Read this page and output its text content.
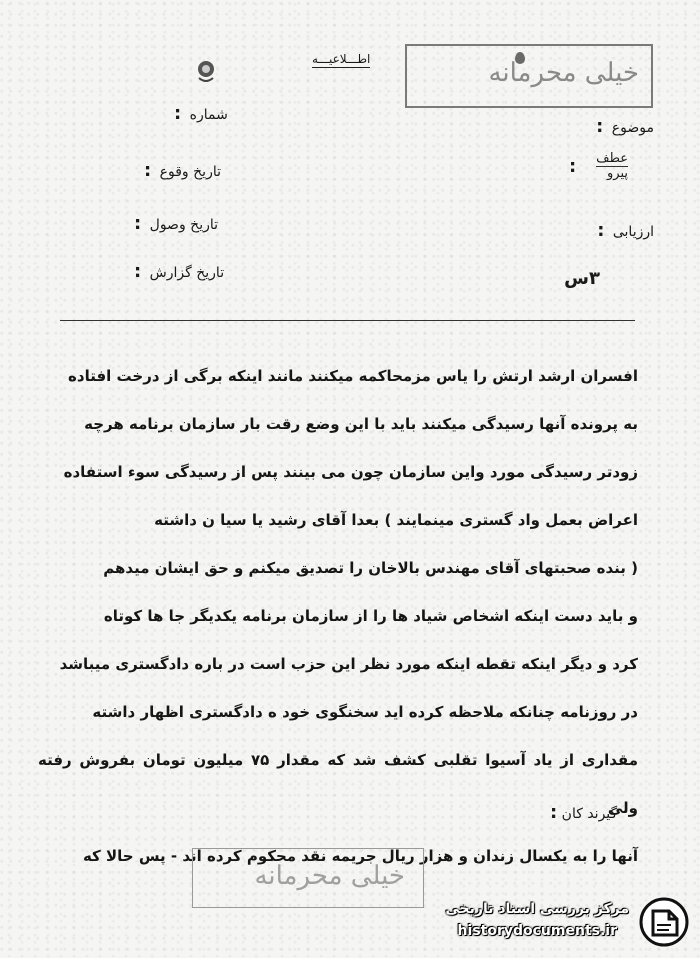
خیلی محرمانه
اطـــلاعیـــه
موضوع :
شماره :
عطف
پیرو
:
تاریخ وقوع :
ارزیابی :
تاریخ وصول :
۳س
تاریخ گزارش :

افسران ارشد ارتش را یاس مزمحاکمه میکنند مانند اینکه برگی از درخت افتاده

به پرونده آنها رسیدگی میکنند باید با این وضع رقت بار سازمان برنامه هرچه

زودتر رسیدگی مورد واین سازمان چون می بینند پس از رسیدگی سوء استفاده

اعراض بعمل واد گستری مینمایند ) بعدا آقای رشید یا سیا ن داشته

( بنده صحبتهای آقای مهندس بالاخان را تصدیق میکنم و حق ایشان میدهم

و باید دست اینکه اشخاص شیاد ها را از سازمان برنامه یکدیگر جا ها کوتاه

کرد و دیگر اینکه تقطه اینکه مورد نظر این حزب است در باره دادگستری میباشد

در روزنامه چنانکه ملاحظه کرده اید سخنگوی خود ه دادگستری اظهار داشته

مقداری از یاد آسیوا تقلبی کشف شد که مقدار ۷۵ میلیون تومان بفروش رفته ولی

آنها را به یکسال زندان و هزار ریال جریمه نقد محکوم کرده اند - پس حالا که

گیرند کان :
خیلی محرمانه
مرکز بررسی اسناد تاریخی
historydocuments.ir
